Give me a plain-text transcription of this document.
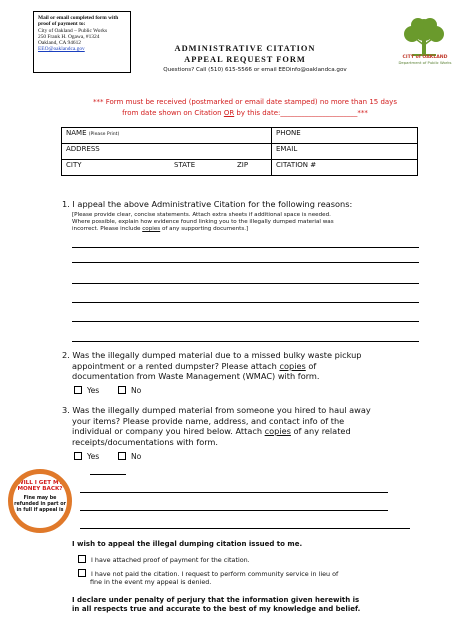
Mail or email completed form with proof of payment to:
City of Oakland – Public Works
250 Frank H. Ogawa, #1324
Oakland, CA 94612
EEO@oaklandca.gov	ADMINISTRATIVE CITATION
APPEAL REQUEST FORM
Questions? Call (510) 615-5566 or email EEOinfo@oaklandca.gov
CITY of OAKLAND
Department of Public Works
*** Form must be received (postmarked or email date stamped) no more than 15 days
from date shown on Citation OR by this date:______________________***
NAME (Please Print)			PHONE
ADDRESS			EMAIL
CITY	STATE	ZIP	CITATION #
1. I appeal the above Administrative Citation for the following reasons:
[Please provide clear, concise statements. Attach extra sheets if additional space is needed.
Where possible, explain how evidence found linking you to the illegally dumped material was
incorrect. Please include copies of any supporting documents.]
2. Was the illegally dumped material due to a missed bulky waste pickup
appointment or a rented dumpster? Please attach copies of
documentation from Waste Management (WMAC) with form.
Yes	No
3. Was the illegally dumped material from someone you hired to haul away
your items? Please provide name, address, and contact info of the
individual or company you hired below. Attach copies of any related
receipts/documentations with form.
Yes	No
WILL I GET MY MONEY BACK?
Fine may be refunded in part or in full if appeal is
I wish to appeal the illegal dumping citation issued to me.
I have attached proof of payment for the citation.
I have not paid the citation. I request to perform community service in lieu of
fine in the event my appeal is denied.
I declare under penalty of perjury that the information given herewith is
in all respects true and accurate to the best of my knowledge and belief.
